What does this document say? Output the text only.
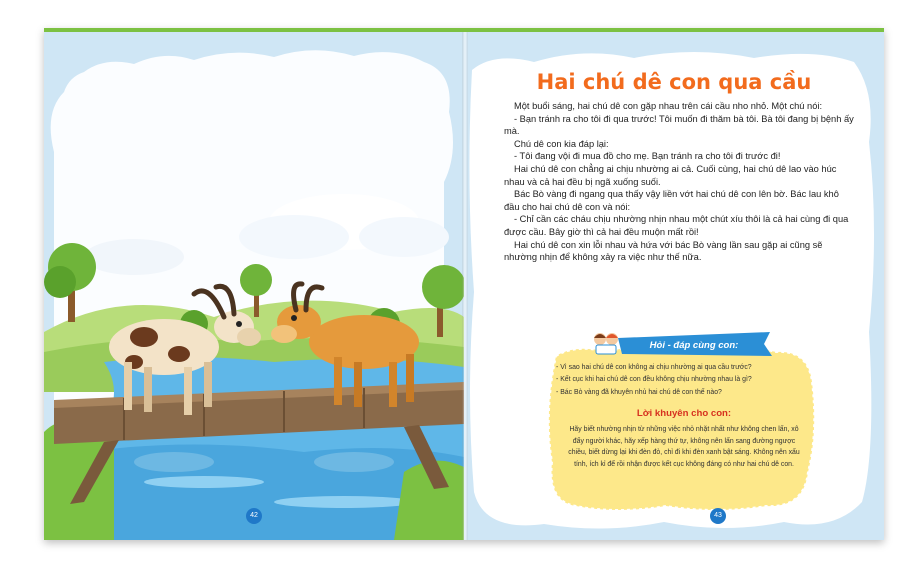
42
Hai chú dê con qua cầu

Một buổi sáng, hai chú dê con gặp nhau trên cái cầu nho nhỏ. Một chú nói:

- Bạn tránh ra cho tôi đi qua trước! Tôi muốn đi thăm bà tôi. Bà tôi đang bị bệnh ấy mà.

Chú dê con kia đáp lại:

- Tôi đang vội đi mua đồ cho mẹ. Bạn tránh ra cho tôi đi trước đi!

Hai chú dê con chẳng ai chịu nhường ai cả. Cuối cùng, hai chú dê lao vào húc nhau và cả hai đều bị ngã xuống suối.

Bác Bò vàng đi ngang qua thấy vậy liền vớt hai chú dê con lên bờ. Bác lau khô đầu cho hai chú dê con và nói:

- Chỉ cần các cháu chịu nhường nhịn nhau một chút xíu thôi là cả hai cùng đi qua được cầu. Bây giờ thì cả hai đều muộn mất rồi!

Hai chú dê con xin lỗi nhau và hứa với bác Bò vàng lần sau gặp ai cũng sẽ nhường nhịn để không xảy ra việc như thế nữa.

Hỏi - đáp cùng con:
- Vì sao hai chú dê con không ai chịu nhường ai qua cầu trước?
- Kết cục khi hai chú dê con đều không chịu nhường nhau là gì?
- Bác Bò vàng đã khuyên nhủ hai chú dê con thế nào?
Lời khuyên cho con:
Hãy biết nhường nhịn từ những việc nhỏ nhặt nhất như không chen lấn, xô đẩy người khác, hãy xếp hàng thứ tự, không nên lấn sang đường ngược chiều, biết dừng lại khi đèn đỏ, chỉ đi khi đèn xanh bật sáng. Không nên xấu tính, ích kỉ để rồi nhận được kết cục không đáng có như hai chú dê con.
43
